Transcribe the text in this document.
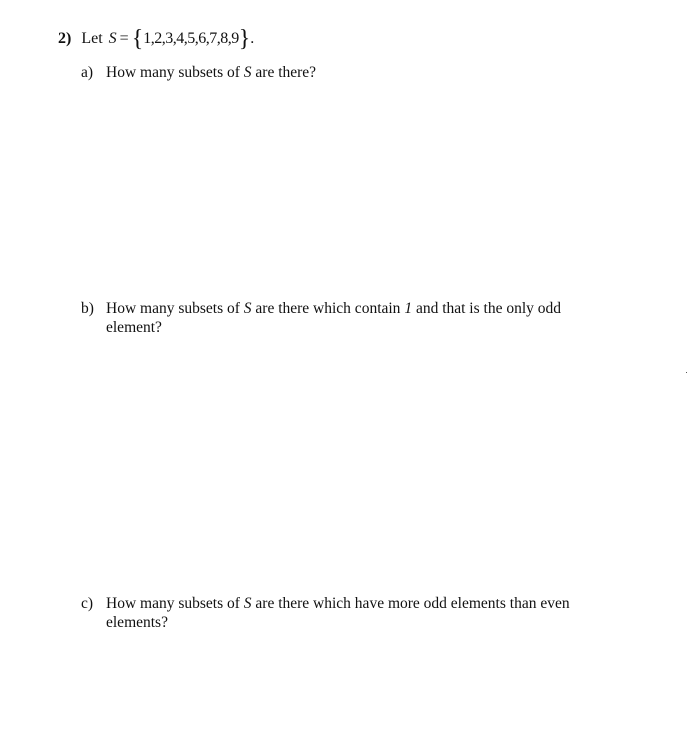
2) Let S = {1,2,3,4,5,6,7,8,9}.
a) How many subsets of S are there?
b) How many subsets of S are there which contain 1 and that is the only odd element?
c) How many subsets of S are there which have more odd elements than even elements?
